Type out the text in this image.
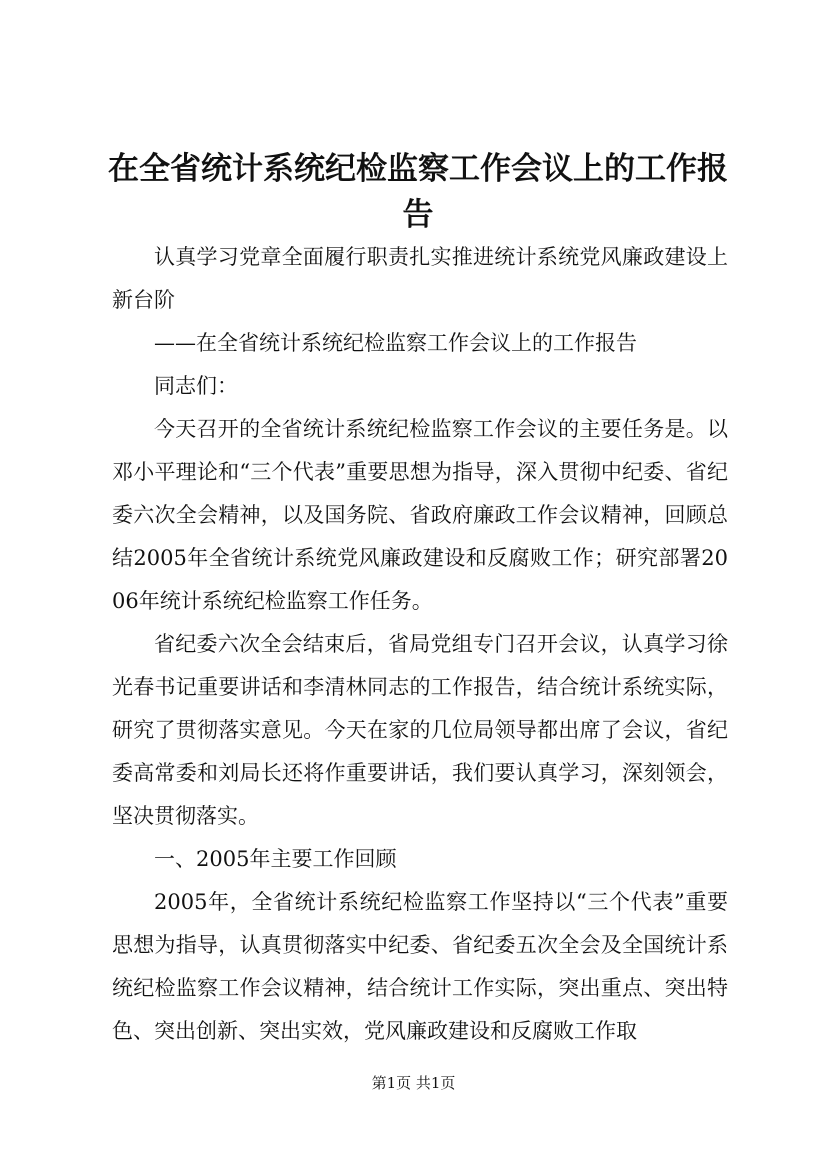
在全省统计系统纪检监察工作会议上的工作报告

认真学习党章全面履行职责扎实推进统计系统党风廉政建设上新台阶

——在全省统计系统纪检监察工作会议上的工作报告

同志们：

今天召开的全省统计系统纪检监察工作会议的主要任务是。以邓小平理论和“三个代表”重要思想为指导，深入贯彻中纪委、省纪委六次全会精神，以及国务院、省政府廉政工作会议精神，回顾总结2005年全省统计系统党风廉政建设和反腐败工作；研究部署2006年统计系统纪检监察工作任务。

省纪委六次全会结束后，省局党组专门召开会议，认真学习徐光春书记重要讲话和李清林同志的工作报告，结合统计系统实际，研究了贯彻落实意见。今天在家的几位局领导都出席了会议，省纪委高常委和刘局长还将作重要讲话，我们要认真学习，深刻领会，坚决贯彻落实。

一、2005年主要工作回顾

2005年，全省统计系统纪检监察工作坚持以“三个代表”重要思想为指导，认真贯彻落实中纪委、省纪委五次全会及全国统计系统纪检监察工作会议精神，结合统计工作实际，突出重点、突出特色、突出创新、突出实效，党风廉政建设和反腐败工作取

第1页 共1页
